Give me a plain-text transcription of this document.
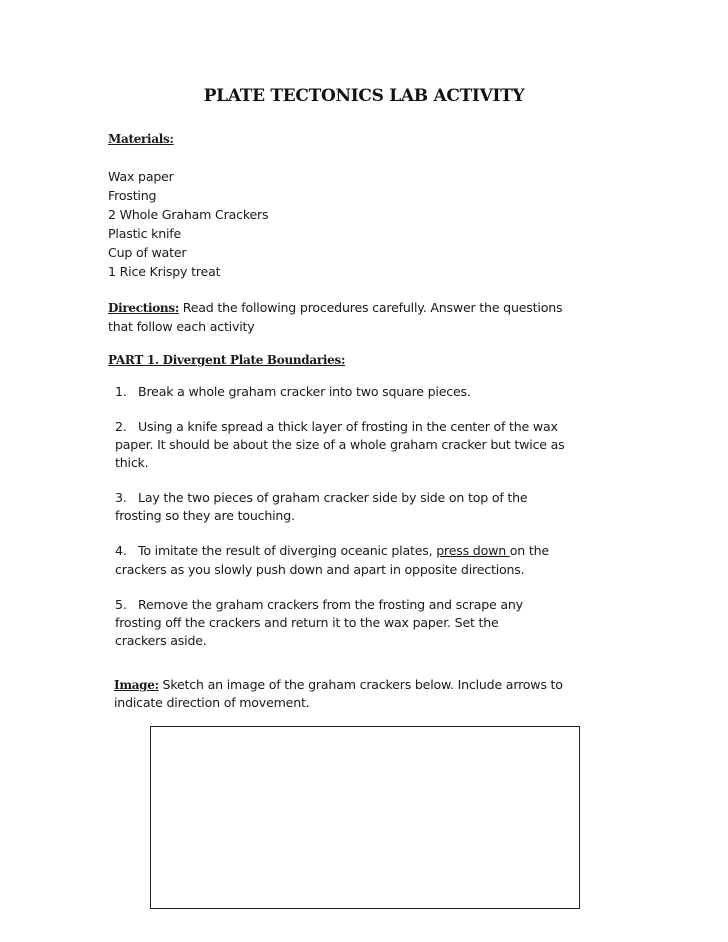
PLATE TECTONICS LAB ACTIVITY
Materials:
Wax paper
Frosting
2 Whole Graham Crackers
Plastic knife
Cup of water
1 Rice Krispy treat
Directions: Read the following procedures carefully. Answer the questions
that follow each activity
PART 1. Divergent Plate Boundaries:
1.   Break a whole graham cracker into two square pieces.
2.   Using a knife spread a thick layer of frosting in the center of the wax
paper. It should be about the size of a whole graham cracker but twice as
thick.
3.   Lay the two pieces of graham cracker side by side on top of the
frosting so they are touching.
4.   To imitate the result of diverging oceanic plates, press down on the
crackers as you slowly push down and apart in opposite directions.
5.   Remove the graham crackers from the frosting and scrape any
frosting off the crackers and return it to the wax paper. Set the
crackers aside.
Image: Sketch an image of the graham crackers below. Include arrows to
indicate direction of movement.
